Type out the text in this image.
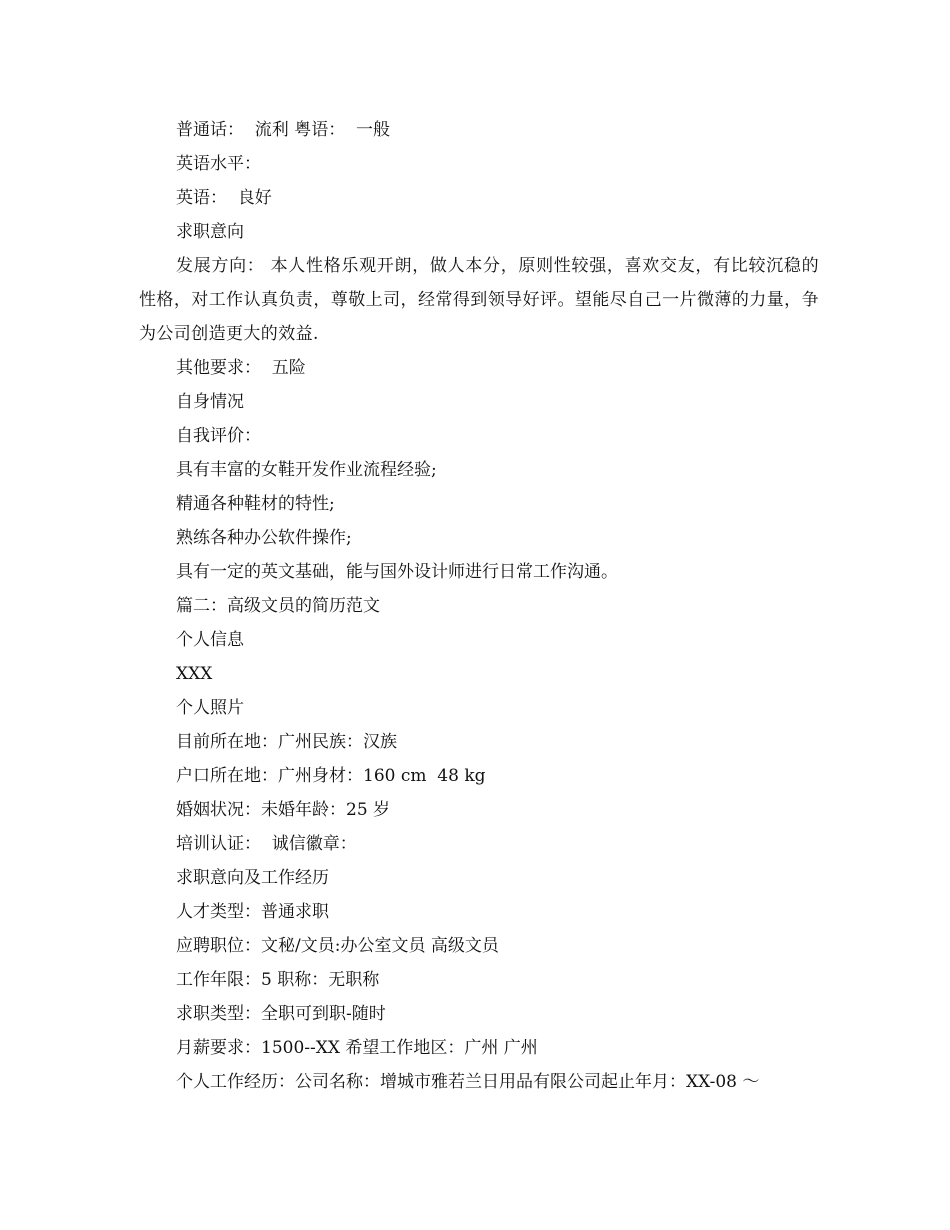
普通话：  流利 粤语：  一般
英语水平：
英语：  良好
求职意向
发展方向： 本人性格乐观开朗，做人本分，原则性较强，喜欢交友，有比较沉稳的性格，对工作认真负责，尊敬上司，经常得到领导好评。望能尽自己一片微薄的力量，争为公司创造更大的效益.
其他要求：  五险
自身情况
自我评价：
具有丰富的女鞋开发作业流程经验;
精通各种鞋材的特性;
熟练各种办公软件操作;
具有一定的英文基础，能与国外设计师进行日常工作沟通。
篇二：高级文员的简历范文
个人信息
XXX
个人照片
目前所在地：广州民族：汉族
户口所在地：广州身材：160 cm  48 kg
婚姻状况：未婚年龄：25 岁
培训认证：  诚信徽章：
求职意向及工作经历
人才类型：普通求职
应聘职位：文秘/文员:办公室文员 高级文员
工作年限：5 职称：无职称
求职类型：全职可到职-随时
月薪要求：1500--XX 希望工作地区：广州 广州
个人工作经历：公司名称：增城市雅若兰日用品有限公司起止年月：XX-08 ～
